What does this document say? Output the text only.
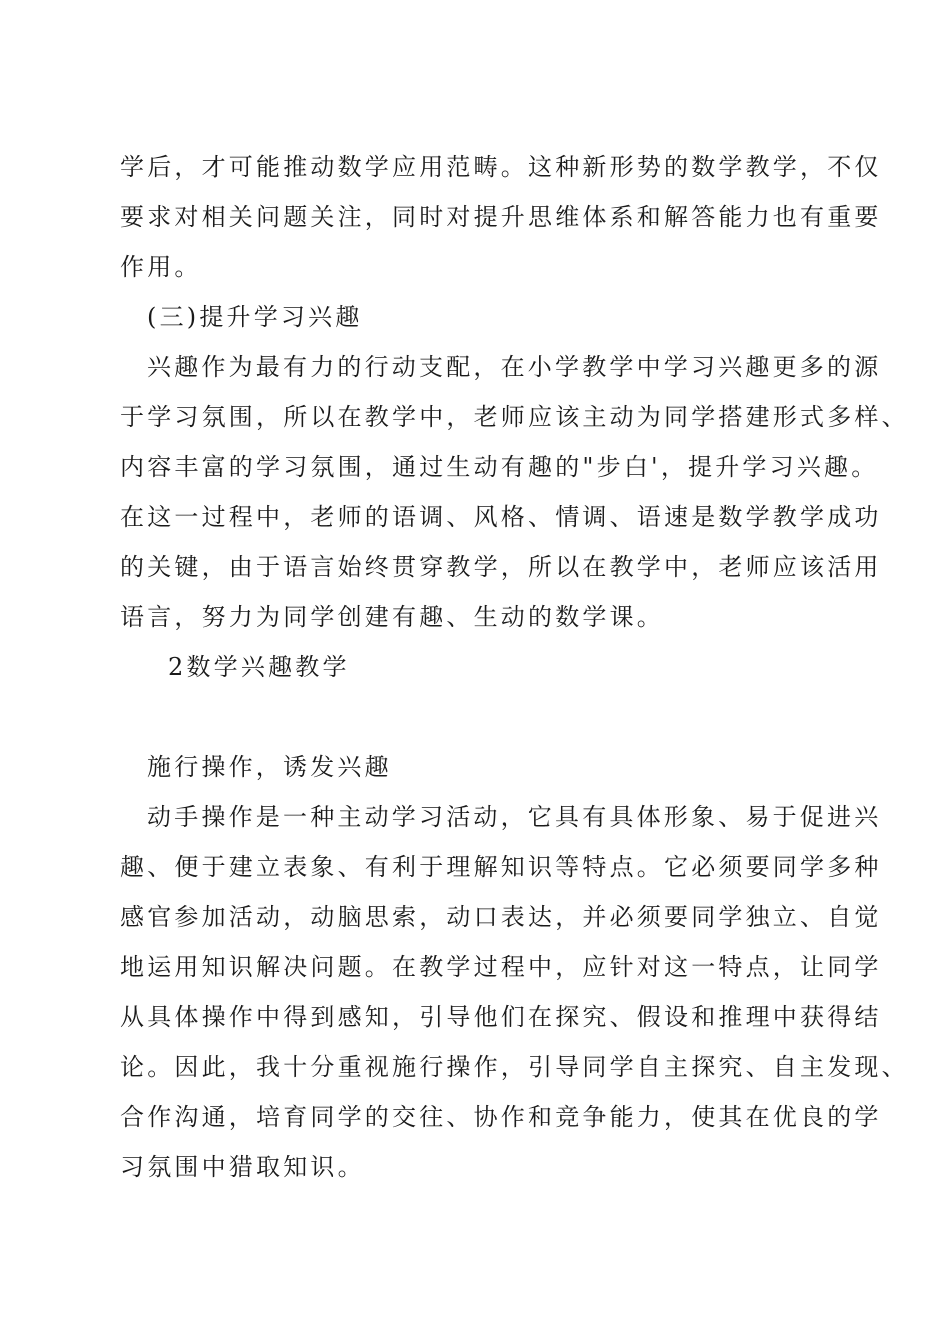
学后，才可能推动数学应用范畴。这种新形势的数学教学，不仅
要求对相关问题关注，同时对提升思维体系和解答能力也有重要
作用。
(三)提升学习兴趣
兴趣作为最有力的行动支配，在小学教学中学习兴趣更多的源
于学习氛围，所以在教学中，老师应该主动为同学搭建形式多样、
内容丰富的学习氛围，通过生动有趣的"步白'，提升学习兴趣。
在这一过程中，老师的语调、风格、情调、语速是数学教学成功
的关键，由于语言始终贯穿教学，所以在教学中，老师应该活用
语言，努力为同学创建有趣、生动的数学课。
2数学兴趣教学
施行操作，诱发兴趣
动手操作是一种主动学习活动，它具有具体形象、易于促进兴
趣、便于建立表象、有利于理解知识等特点。它必须要同学多种
感官参加活动，动脑思索，动口表达，并必须要同学独立、自觉
地运用知识解决问题。在教学过程中，应针对这一特点，让同学
从具体操作中得到感知，引导他们在探究、假设和推理中获得结
论。因此，我十分重视施行操作，引导同学自主探究、自主发现、
合作沟通，培育同学的交往、协作和竞争能力，使其在优良的学
习氛围中猎取知识。
